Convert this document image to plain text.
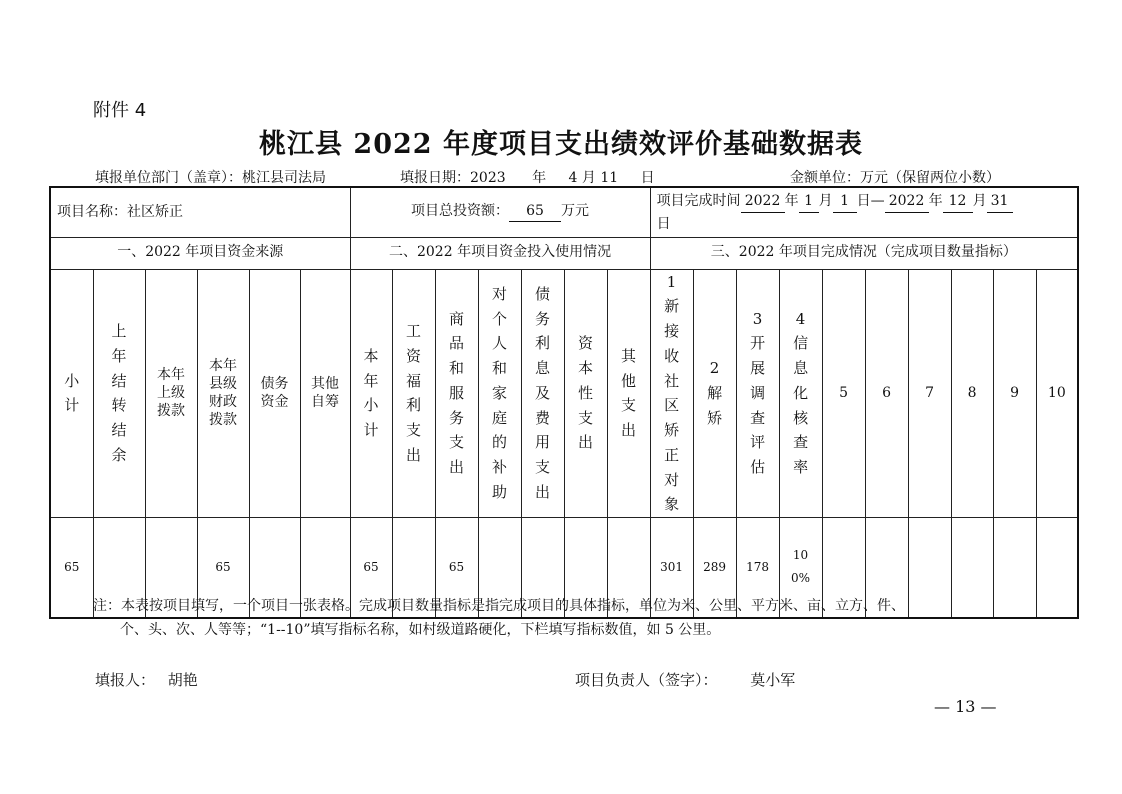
附件 4
桃江县 2022 年度项目支出绩效评价基础数据表
填报单位部门（盖章）：桃江县司法局	填报日期：2023 年 4 月 11 日	金额单位：万元（保留两位小数）
项目名称：社区矫正						项目总投资额： 65 万元							项目完成时间 2022 年 1 月 1 日— 2022 年 12 月 31
日									
一、2022 年项目资金来源						二、2022 年项目资金投入使用情况							三、2022 年项目完成情况（完成项目数量指标）									
小计	上年结转结余	本年上级拨款	本年县级财政拨款	债务资金	其他自筹	本年小计	工资福利支出	商品和服务支出	对个人和家庭的补助	债务利息及费用支出	资本性支出	其他支出	1新接收社区矫正对象	2解矫	3开展调查评估	4信息化核查率	5	6	7	8	9	10
65			65			65		65					301	289	178	100%						
注：本表按项目填写，一个项目一张表格。完成项目数量指标是指完成项目的具体指标，单位为米、公里、平方米、亩、立方、件、
个、头、次、人等等；“1--10”填写指标名称，如村级道路硬化，下栏填写指标数值，如 5 公里。
填报人： 胡艳	项目负责人（签字）： 莫小军
— 13 —
